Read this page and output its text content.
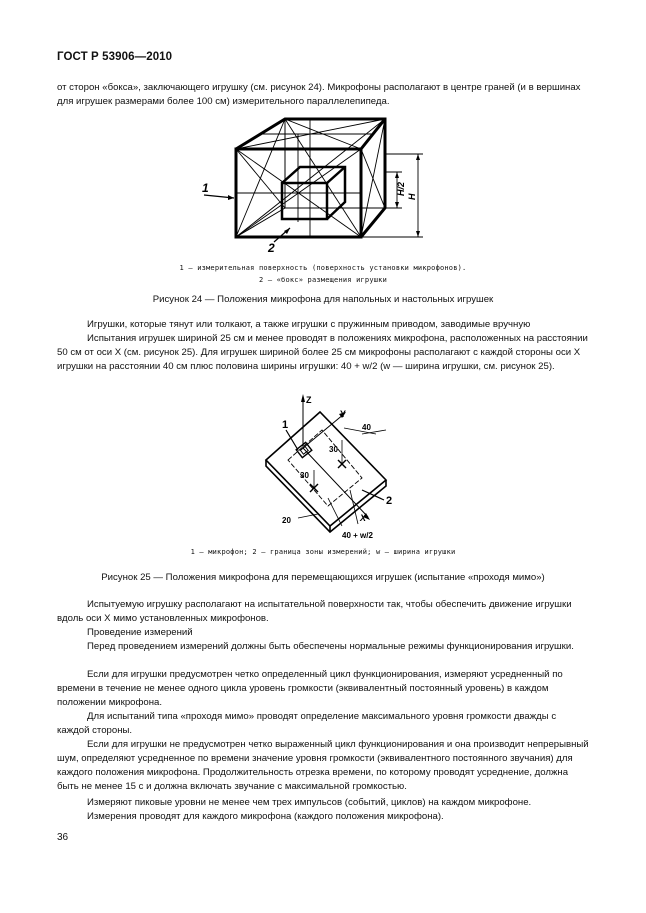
ГОСТ Р 53906—2010

от сторон «бокса», заключающего игрушку (см. рисунок 24). Микрофоны располагают в центре граней (и в вершинах для игрушек размерами более 100 см) измерительного параллелепипеда.

1
2
H/2
H
1 — измерительная поверхность (поверхность установки микрофонов).
2 — «бокс» размещения игрушки
Рисунок 24 — Положения микрофона для напольных и настольных игрушек

Игрушки, которые тянут или толкают, а также игрушки с пружинным приводом, заводимые вручную

Испытания игрушек шириной 25 см и менее проводят в положениях микрофона, расположенных на расстоянии 50 см от оси X (см. рисунок 25). Для игрушек шириной более 25 см микрофоны располагают с каждой стороны оси X игрушки на расстоянии 40 см плюс половина ширины игрушки: 40 + w/2 (w — ширина игрушки, см. рисунок 25).

Z
Y
X
1
2
40
30
30
20
40 + w/2
1 — микрофон; 2 — граница зоны измерений; w — ширина игрушки
Рисунок 25 — Положения микрофона для перемещающихся игрушек (испытание «проходя мимо»)

Испытуемую игрушку располагают на испытательной поверхности так, чтобы обеспечить движение игрушки вдоль оси X мимо установленных микрофонов.

Проведение измерений

Перед проведением измерений должны быть обеспечены нормальные режимы функционирования игрушки.

Если для игрушки предусмотрен четко определенный цикл функционирования, измеряют усредненный по времени в течение не менее одного цикла уровень громкости (эквивалентный постоянный уровень) в каждом положении микрофона.

Для испытаний типа «проходя мимо» проводят определение максимального уровня громкости дважды с каждой стороны.

Если для игрушки не предусмотрен четко выраженный цикл функционирования и она производит непрерывный шум, определяют усредненное по времени значение уровня громкости (эквивалентного постоянного звучания) для каждого положения микрофона. Продолжительность отрезка времени, по которому проводят усреднение, должна быть не менее 15 с и должна включать звучание с максимальной громкостью.

Измеряют пиковые уровни не менее чем трех импульсов (событий, циклов) на каждом микрофоне.

Измерения проводят для каждого микрофона (каждого положения микрофона).

36
